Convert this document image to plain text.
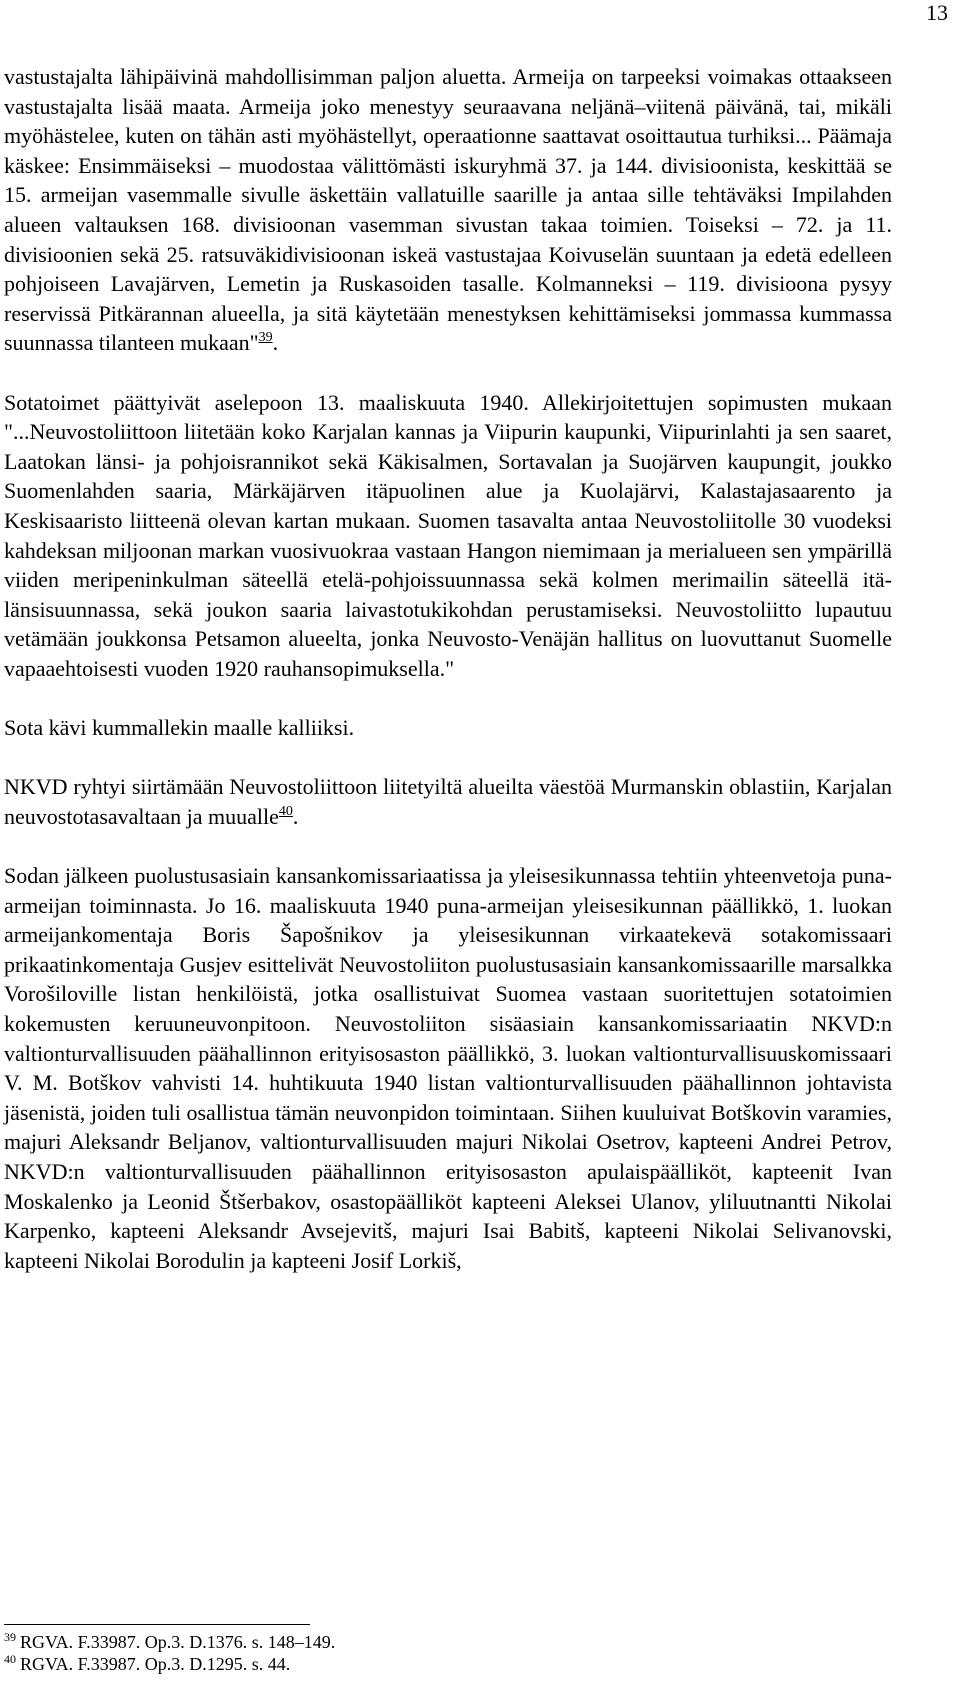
13

vastustajalta lähipäivinä mahdollisimman paljon aluetta. Armeija on tarpeeksi voimakas ottaakseen vastustajalta lisää maata. Armeija joko menestyy seuraavana neljänä–viitenä päivänä, tai, mikäli myöhästelee, kuten on tähän asti myöhästellyt, operaationne saattavat osoittautua turhiksi... Päämaja käskee: Ensimmäiseksi – muodostaa välittömästi iskuryhmä 37. ja 144. divisioonista, keskittää se 15. armeijan vasemmalle sivulle äskettäin vallatuille saarille ja antaa sille tehtäväksi Impilahden alueen valtauksen 168. divisioonan vasemman sivustan takaa toimien. Toiseksi – 72. ja 11. divisioonien sekä 25. ratsuväkidivisioonan iskeä vastustajaa Koivuselän suuntaan ja edetä edelleen pohjoiseen Lavajärven, Lemetin ja Ruskasoiden tasalle. Kolmanneksi – 119. divisioona pysyy reservissä Pitkärannan alueella, ja sitä käytetään menestyksen kehittämiseksi jommassa kummassa suunnassa tilanteen mukaan"$^{39}$.

Sotatoimet päättyivät aselepoon 13. maaliskuuta 1940. Allekirjoitettujen sopimusten mukaan "...Neuvostoliittoon liitetään koko Karjalan kannas ja Viipurin kaupunki, Viipurinlahti ja sen saaret, Laatokan länsi- ja pohjoisrannikot sekä Käkisalmen, Sortavalan ja Suojärven kaupungit, joukko Suomenlahden saaria, Märkäjärven itäpuolinen alue ja Kuolajärvi, Kalastajasaarento ja Keskisaaristo liitteenä olevan kartan mukaan. Suomen tasavalta antaa Neuvostoliitolle 30 vuodeksi kahdeksan miljoonan markan vuosivuokraa vastaan Hangon niemimaan ja merialueen sen ympärillä viiden meripeninkulman säteellä etelä-pohjoissuunnassa sekä kolmen merimailin säteellä itä-länsisuunnassa, sekä joukon saaria laivastotukikohdan perustamiseksi. Neuvostoliitto lupautuu vetämään joukkonsa Petsamon alueelta, jonka Neuvosto-Venäjän hallitus on luovuttanut Suomelle vapaaehtoisesti vuoden 1920 rauhansopimuksella."

Sota kävi kummallekin maalle kalliiksi.

NKVD ryhtyi siirtämään Neuvostoliittoon liitetyiltä alueilta väestöä Murmanskin oblastiin, Karjalan neuvostotasavaltaan ja muualle$^{40}$.

Sodan jälkeen puolustusasiain kansankomissariaatissa ja yleisesikunnassa tehtiin yhteenvetoja puna-armeijan toiminnasta. Jo 16. maaliskuuta 1940 puna-armeijan yleisesikunnan päällikkö, 1. luokan armeijankomentaja Boris Šapošnikov ja yleisesikunnan virkaatekevä sotakomissaari prikaatinkomentaja Gusjev esittelivät Neuvostoliiton puolustusasiain kansankomissaarille marsalkka Vorošiloville listan henkilöistä, jotka osallistuivat Suomea vastaan suoritettujen sotatoimien kokemusten keruuneuvonpitoon. Neuvostoliiton sisäasiain kansankomissariaatin NKVD:n valtionturvallisuuden päähallinnon erityisosaston päällikkö, 3. luokan valtionturvallisuuskomissaari V. M. Botškov vahvisti 14. huhtikuuta 1940 listan valtionturvallisuuden päähallinnon johtavista jäsenistä, joiden tuli osallistua tämän neuvonpidon toimintaan. Siihen kuuluivat Botškovin varamies, majuri Aleksandr Beljanov, valtionturvallisuuden majuri Nikolai Osetrov, kapteeni Andrei Petrov, NKVD:n valtionturvallisuuden päähallinnon erityisosaston apulaispäälliköt, kapteenit Ivan Moskalenko ja Leonid Štšerbakov, osastopäälliköt kapteeni Aleksei Ulanov, yliluutnantti Nikolai Karpenko, kapteeni Aleksandr Avsejevitš, majuri Isai Babitš, kapteeni Nikolai Selivanovski, kapteeni Nikolai Borodulin ja kapteeni Josif Lorkiš,

$^{39}$ RGVA. F.33987. Op.3. D.1376. s. 148–149.
$^{40}$ RGVA. F.33987. Op.3. D.1295. s. 44.
